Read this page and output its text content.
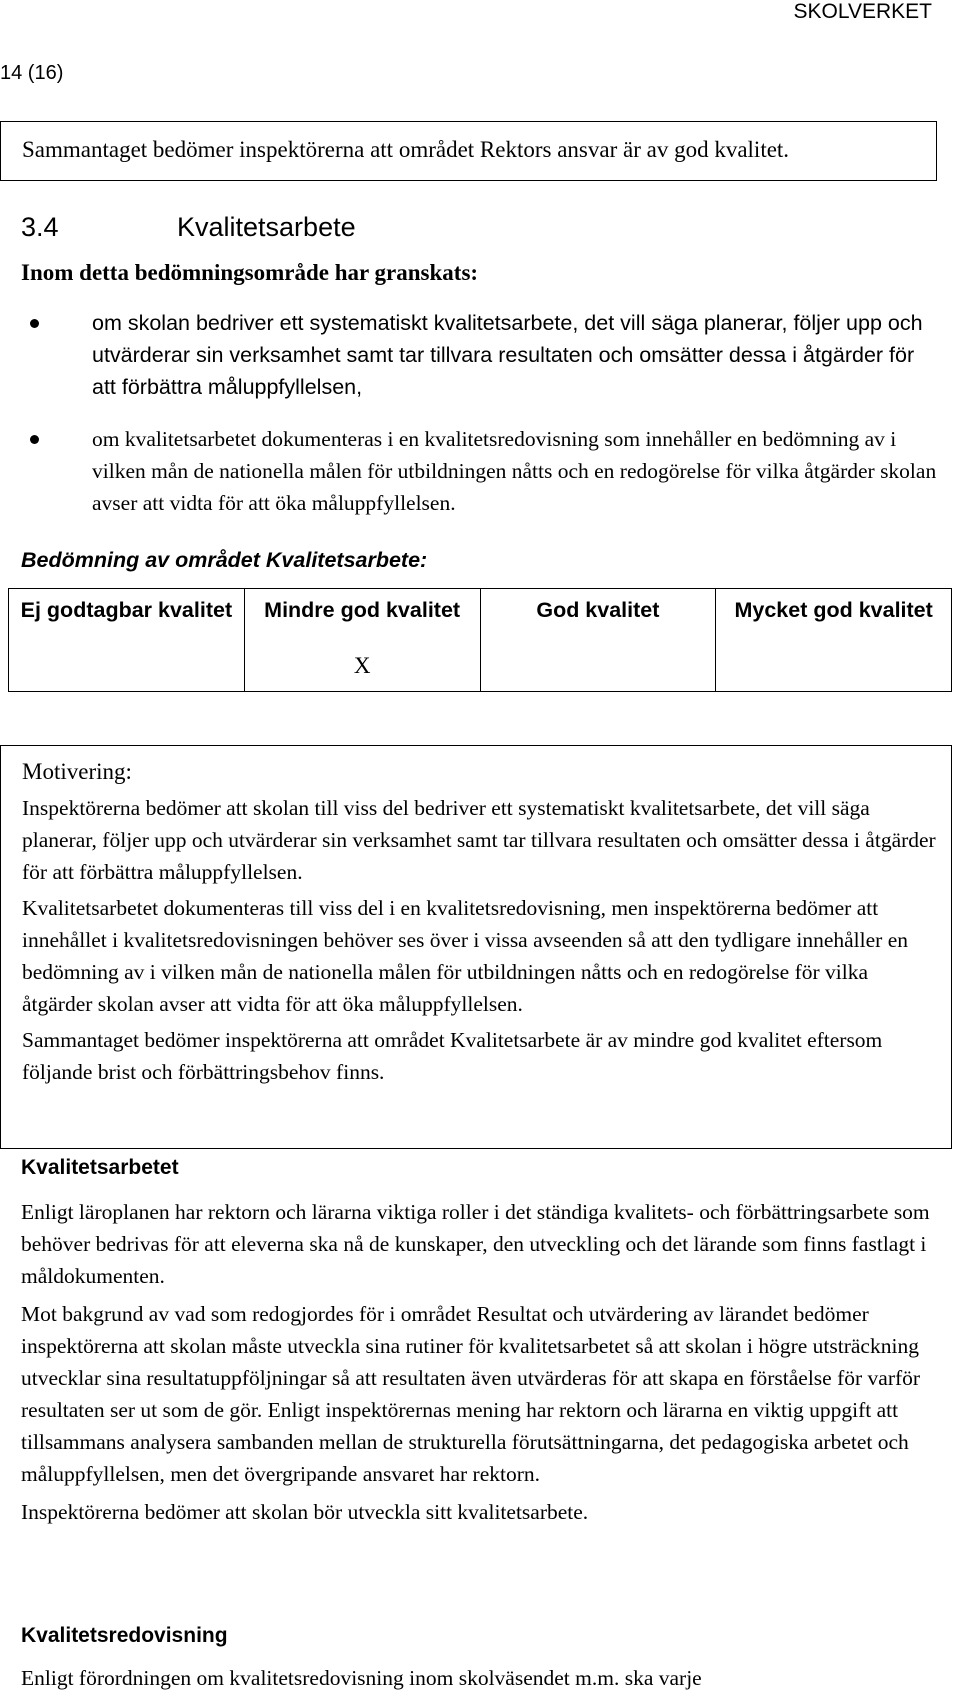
SKOLVERKET
14 (16)

Sammantaget bedömer inspektörerna att området Rektors ansvar är av god kvalitet.

3.4	Kvalitetsarbete
Inom detta bedömningsområde har granskats:
om skolan bedriver ett systematiskt kvalitetsarbete, det vill säga planerar, följer upp och utvärderar sin verksamhet samt tar tillvara resultaten och omsätter dessa i åtgärder för att förbättra måluppfyllelsen,
om kvalitetsarbetet dokumenteras i en kvalitetsredovisning som innehåller en bedömning av i vilken mån de nationella målen för utbildningen nåtts och en redogörelse för vilka åtgärder skolan avser att vidta för att öka måluppfyllelsen.
Bedömning av området Kvalitetsarbete:
Ej godtagbar kvalitet	Mindre god kvalitet	God kvalitet	Mycket god kvalitet
	X		

Motivering:

Inspektörerna bedömer att skolan till viss del bedriver ett systematiskt kvalitetsarbete, det vill säga planerar, följer upp och utvärderar sin verksamhet samt tar tillvara resultaten och omsätter dessa i åtgärder för att förbättra måluppfyllelsen.

Kvalitetsarbetet dokumenteras till viss del i en kvalitetsredovisning, men inspektörerna bedömer att innehållet i kvalitetsredovisningen behöver ses över i vissa avseenden så att den tydligare innehåller en bedömning av i vilken mån de nationella målen för utbildningen nåtts och en redogörelse för vilka åtgärder skolan avser att vidta för att öka måluppfyllelsen.

Sammantaget bedömer inspektörerna att området Kvalitetsarbete är av mindre god kvalitet eftersom följande brist och förbättringsbehov finns.

Kvalitetsarbetet

Enligt läroplanen har rektorn och lärarna viktiga roller i det ständiga kvalitets- och förbättringsarbete som behöver bedrivas för att eleverna ska nå de kunskaper, den utveckling och det lärande som finns fastlagt i måldokumenten.

Mot bakgrund av vad som redogjordes för i området Resultat och utvärdering av lärandet bedömer inspektörerna att skolan måste utveckla sina rutiner för kvalitetsarbetet så att skolan i högre utsträckning utvecklar sina resultatuppföljningar så att resultaten även utvärderas för att skapa en förståelse för varför resultaten ser ut som de gör. Enligt inspektörernas mening har rektorn och lärarna en viktig uppgift att tillsammans analysera sambanden mellan de strukturella förutsättningarna, det pedagogiska arbetet och måluppfyllelsen, men det övergripande ansvaret har rektorn.

Inspektörerna bedömer att skolan bör utveckla sitt kvalitetsarbete.

Kvalitetsredovisning

Enligt förordningen om kvalitetsredovisning inom skolväsendet m.m. ska varje
